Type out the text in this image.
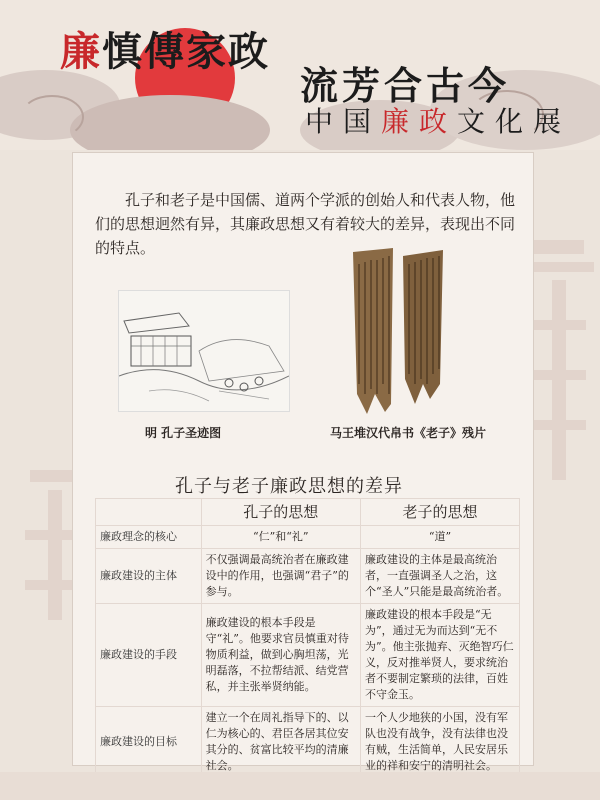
廉慎傳家政
流芳合古今
中国廉政文化展

孔子和老子是中国儒、道两个学派的创始人和代表人物，他们的思想迥然有异，其廉政思想又有着较大的差异，表现出不同的特点。

明 孔子圣迹图	马王堆汉代帛书《老子》残片
孔子与老子廉政思想的差异
	孔子的思想	老子的思想
廉政理念的核心	“仁”和“礼”	“道”
廉政建设的主体	不仅强调最高统治者在廉政建设中的作用，也强调“君子”的参与。	廉政建设的主体是最高统治者，一直强调圣人之治，这个“圣人”只能是最高统治者。
廉政建设的手段	廉政建设的根本手段是守“礼”。他要求官员慎重对待物质利益，做到心胸坦荡，光明磊落，不拉帮结派、结党营私，并主张举贤纳能。	廉政建设的根本手段是“无为”，通过无为而达到“无不为”。他主张抛弃、灭绝智巧仁义，反对推举贤人，要求统治者不要制定繁琐的法律，百姓不守金玉。
廉政建设的目标	建立一个在周礼指导下的、以仁为核心的、君臣各居其位安其分的、贫富比较平均的清廉社会。	一个人少地狭的小国，没有军队也没有战争，没有法律也没有贼，生活简单，人民安居乐业的祥和安宁的清明社会。
